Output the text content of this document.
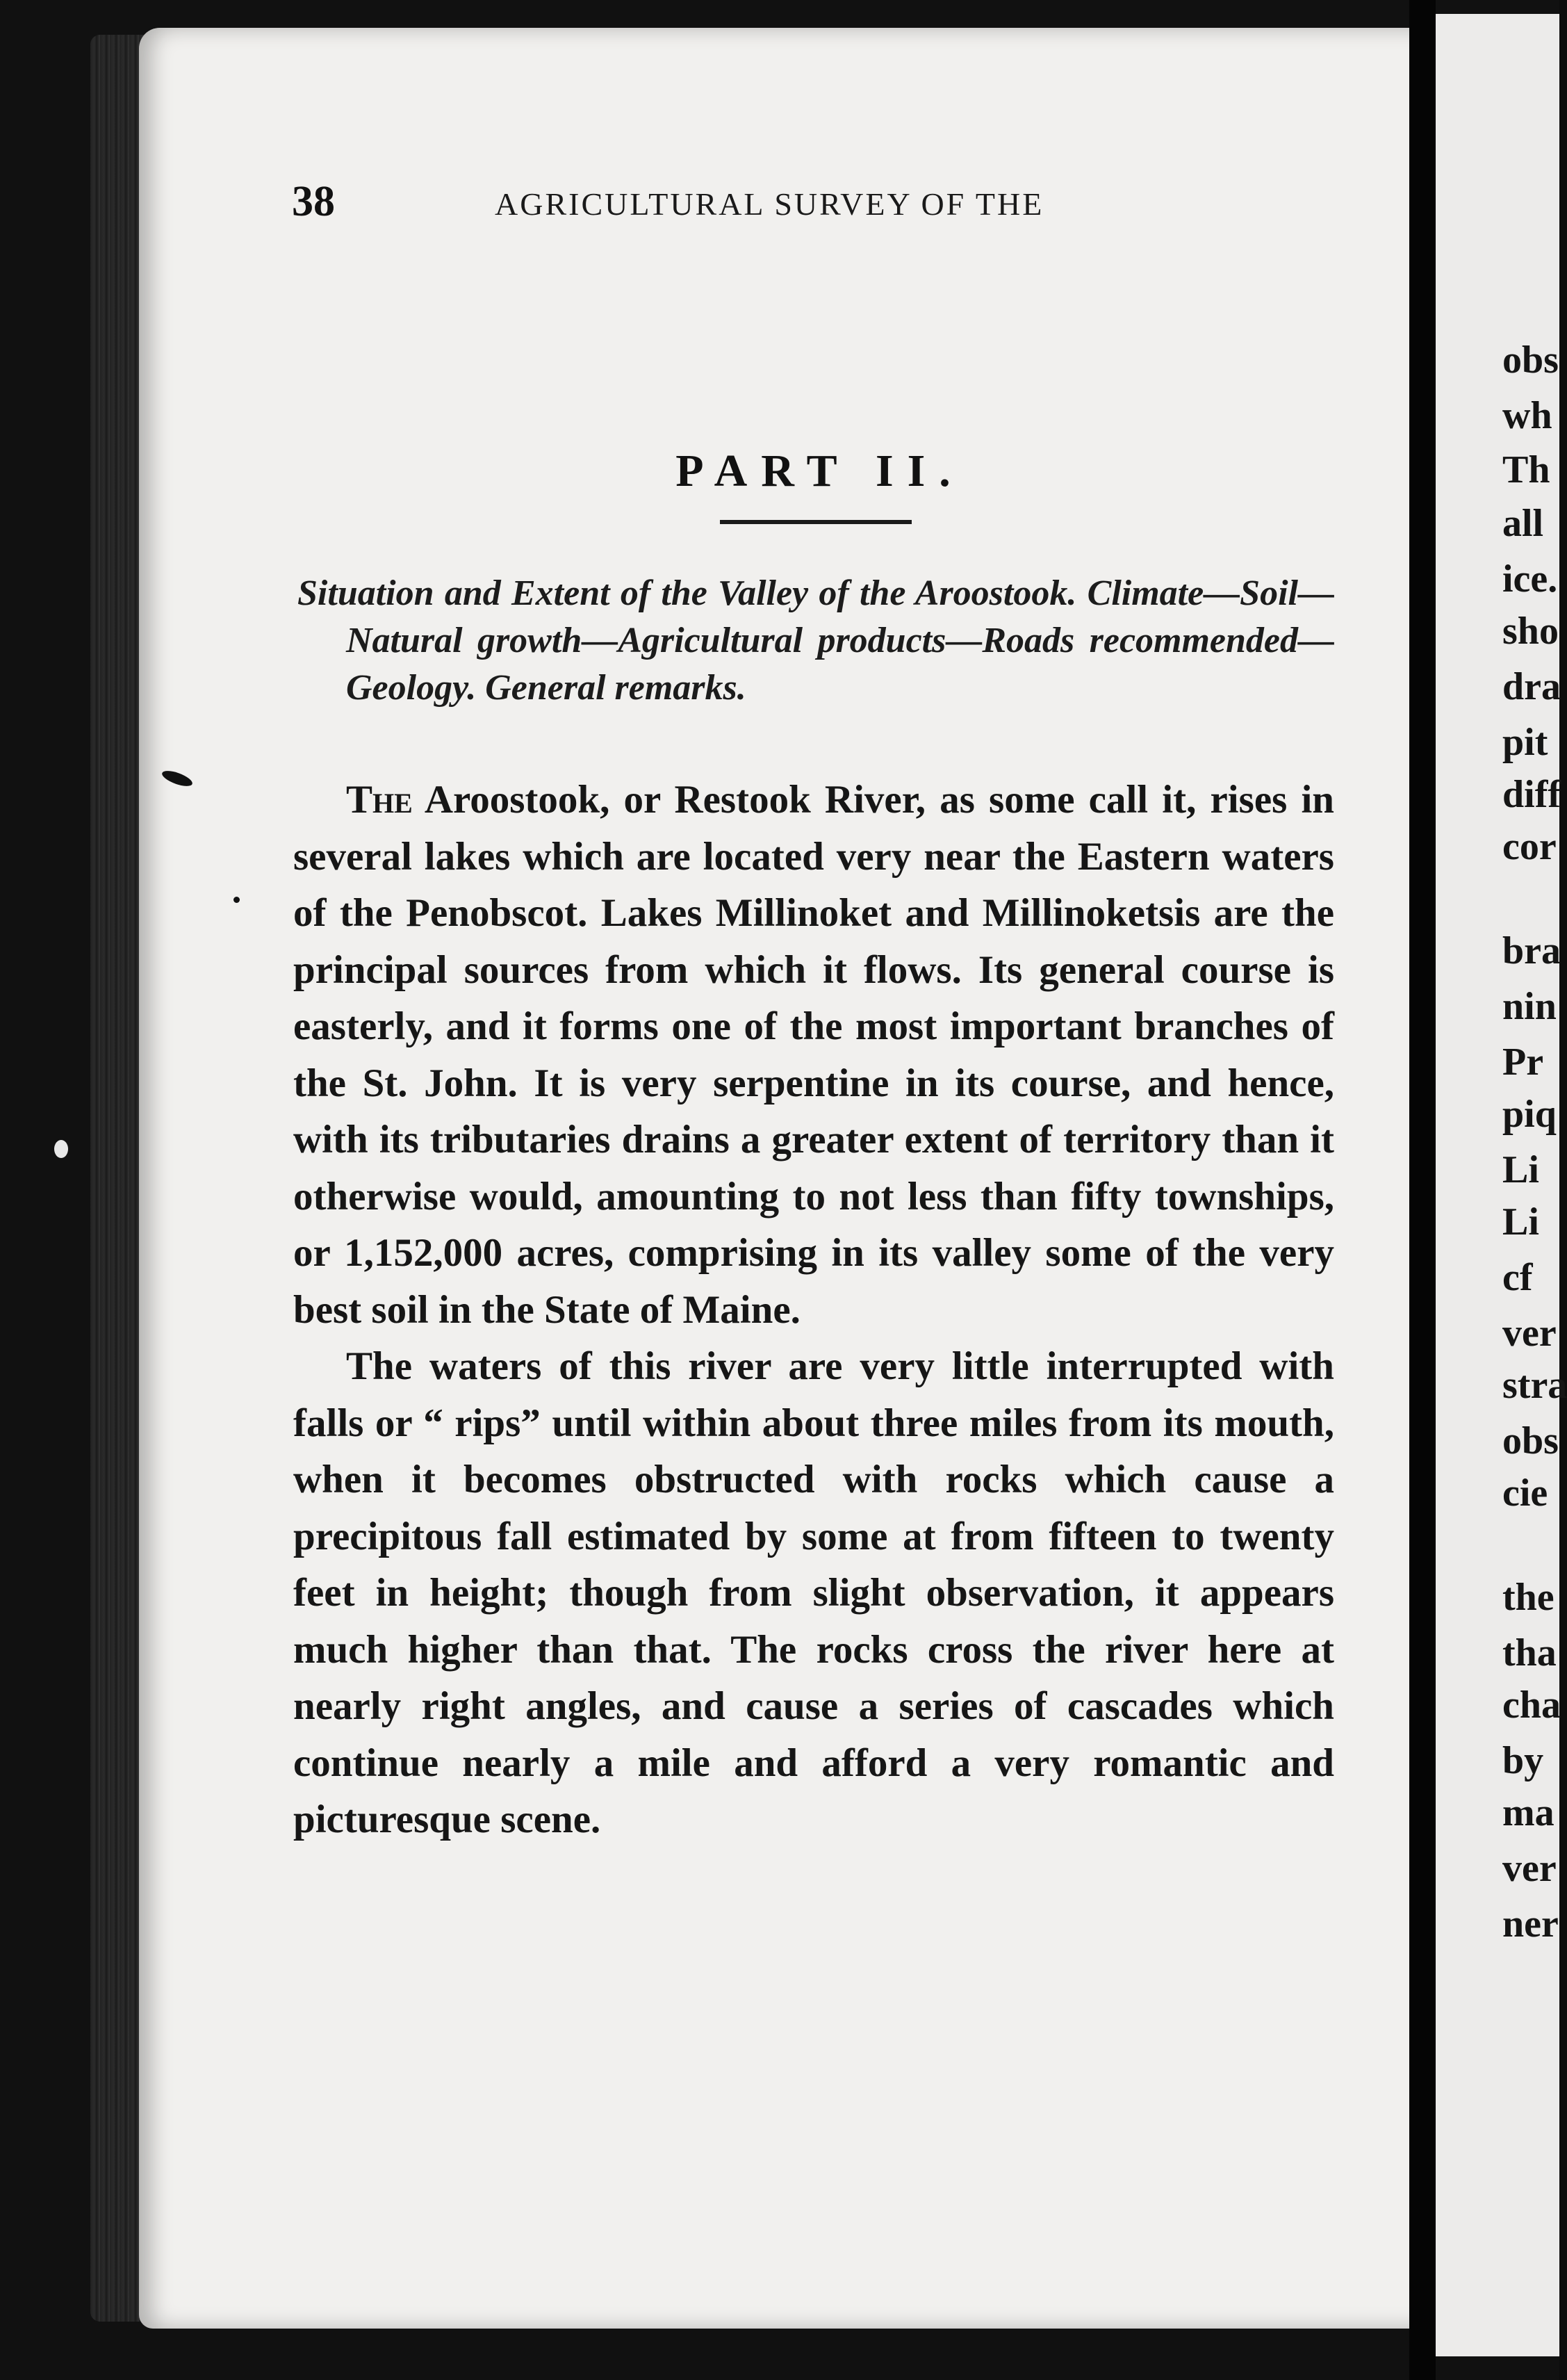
38	AGRICULTURAL SURVEY OF THE
PART II.
Situation and Extent of the Valley of the Aroostook. Climate—Soil—Natural growth—Agricultural products—Roads recommended—Geology. General remarks.

The Aroostook, or Restook River, as some call it, rises in several lakes which are located very near the Eastern waters of the Penobscot. Lakes Millinoket and Millinoketsis are the principal sources from which it flows. Its general course is easterly, and it forms one of the most important branches of the St. John. It is very serpentine in its course, and hence, with its tributaries drains a greater extent of territory than it otherwise would, amounting to not less than fifty townships, or 1,152,000 acres, comprising in its valley some of the very best soil in the State of Maine.

The waters of this river are very little interrupted with falls or “ rips” until within about three miles from its mouth, when it becomes obstructed with rocks which cause a precipitous fall estimated by some at from fifteen to twenty feet in height; though from slight observation, it appears much higher than that. The rocks cross the river here at nearly right angles, and cause a series of cascades which continue nearly a mile and afford a very romantic and picturesque scene.

obs
wh
Th
all
ice.
sho
dra
pit
diff
cor
bra
nin
Pr
piq
Li
Li
cf
ver
stra
obs
cie
the
tha
cha
by
ma
ver
ner
